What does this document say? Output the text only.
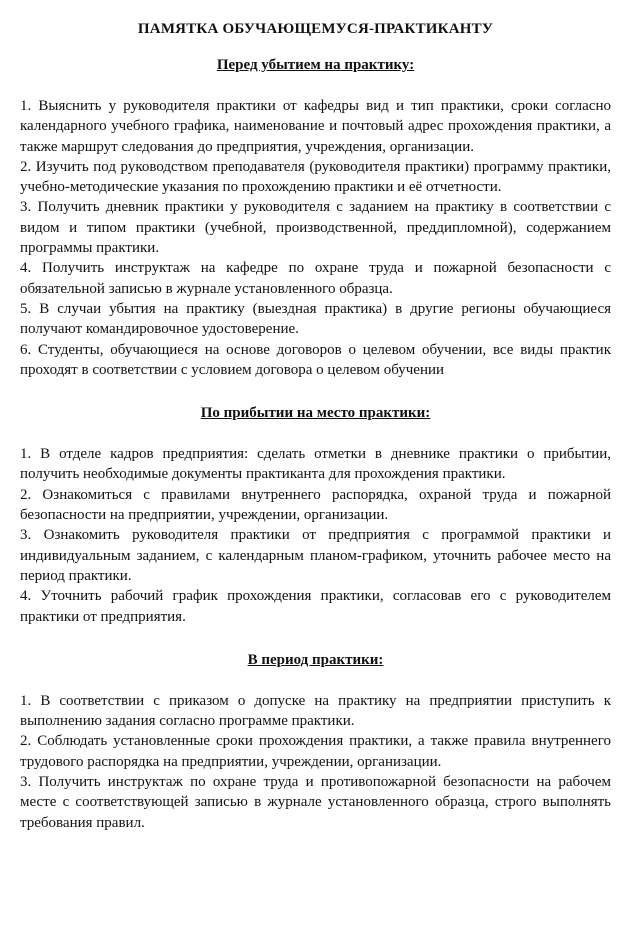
ПАМЯТКА ОБУЧАЮЩЕМУСЯ-ПРАКТИКАНТУ
Перед убытием на практику:

1. Выяснить у руководителя практики от кафедры вид и тип практики, сроки согласно календарного учебного графика, наименование и почтовый адрес прохождения практики, а также маршрут следования до предприятия, учреждения, организации.

2. Изучить под руководством преподавателя (руководителя практики) программу практики, учебно-методические указания по прохождению практики и её отчетности.

3. Получить дневник практики у руководителя с заданием на практику в соответствии с видом и типом практики (учебной, производственной, преддипломной), содержанием программы практики.

4. Получить инструктаж на кафедре по охране труда и пожарной безопасности с обязательной записью в журнале установленного образца.

5. В случаи убытия на практику (выездная практика) в другие регионы обучающиеся получают командировочное удостоверение.

6. Студенты, обучающиеся на основе договоров о целевом обучении, все виды практик проходят в соответствии с условием договора о целевом обучении

По прибытии на место практики:

1. В отделе кадров предприятия: сделать отметки в дневнике практики о прибытии, получить необходимые документы практиканта для прохождения практики.

2. Ознакомиться с правилами внутреннего распорядка, охраной труда и пожарной безопасности на предприятии, учреждении, организации.

3. Ознакомить руководителя практики от предприятия с программой практики и индивидуальным заданием, с календарным планом-графиком, уточнить рабочее место на период практики.

4. Уточнить рабочий график прохождения практики, согласовав его с руководителем практики от предприятия.

В период практики:

1. В соответствии с приказом о допуске на практику на предприятии приступить к выполнению задания согласно программе практики.

2. Соблюдать установленные сроки прохождения практики, а также правила внутреннего трудового распорядка на предприятии, учреждении, организации.

3. Получить инструктаж по охране труда и противопожарной безопасности на рабочем месте с соответствующей записью в журнале установленного образца, строго выполнять требования правил.
